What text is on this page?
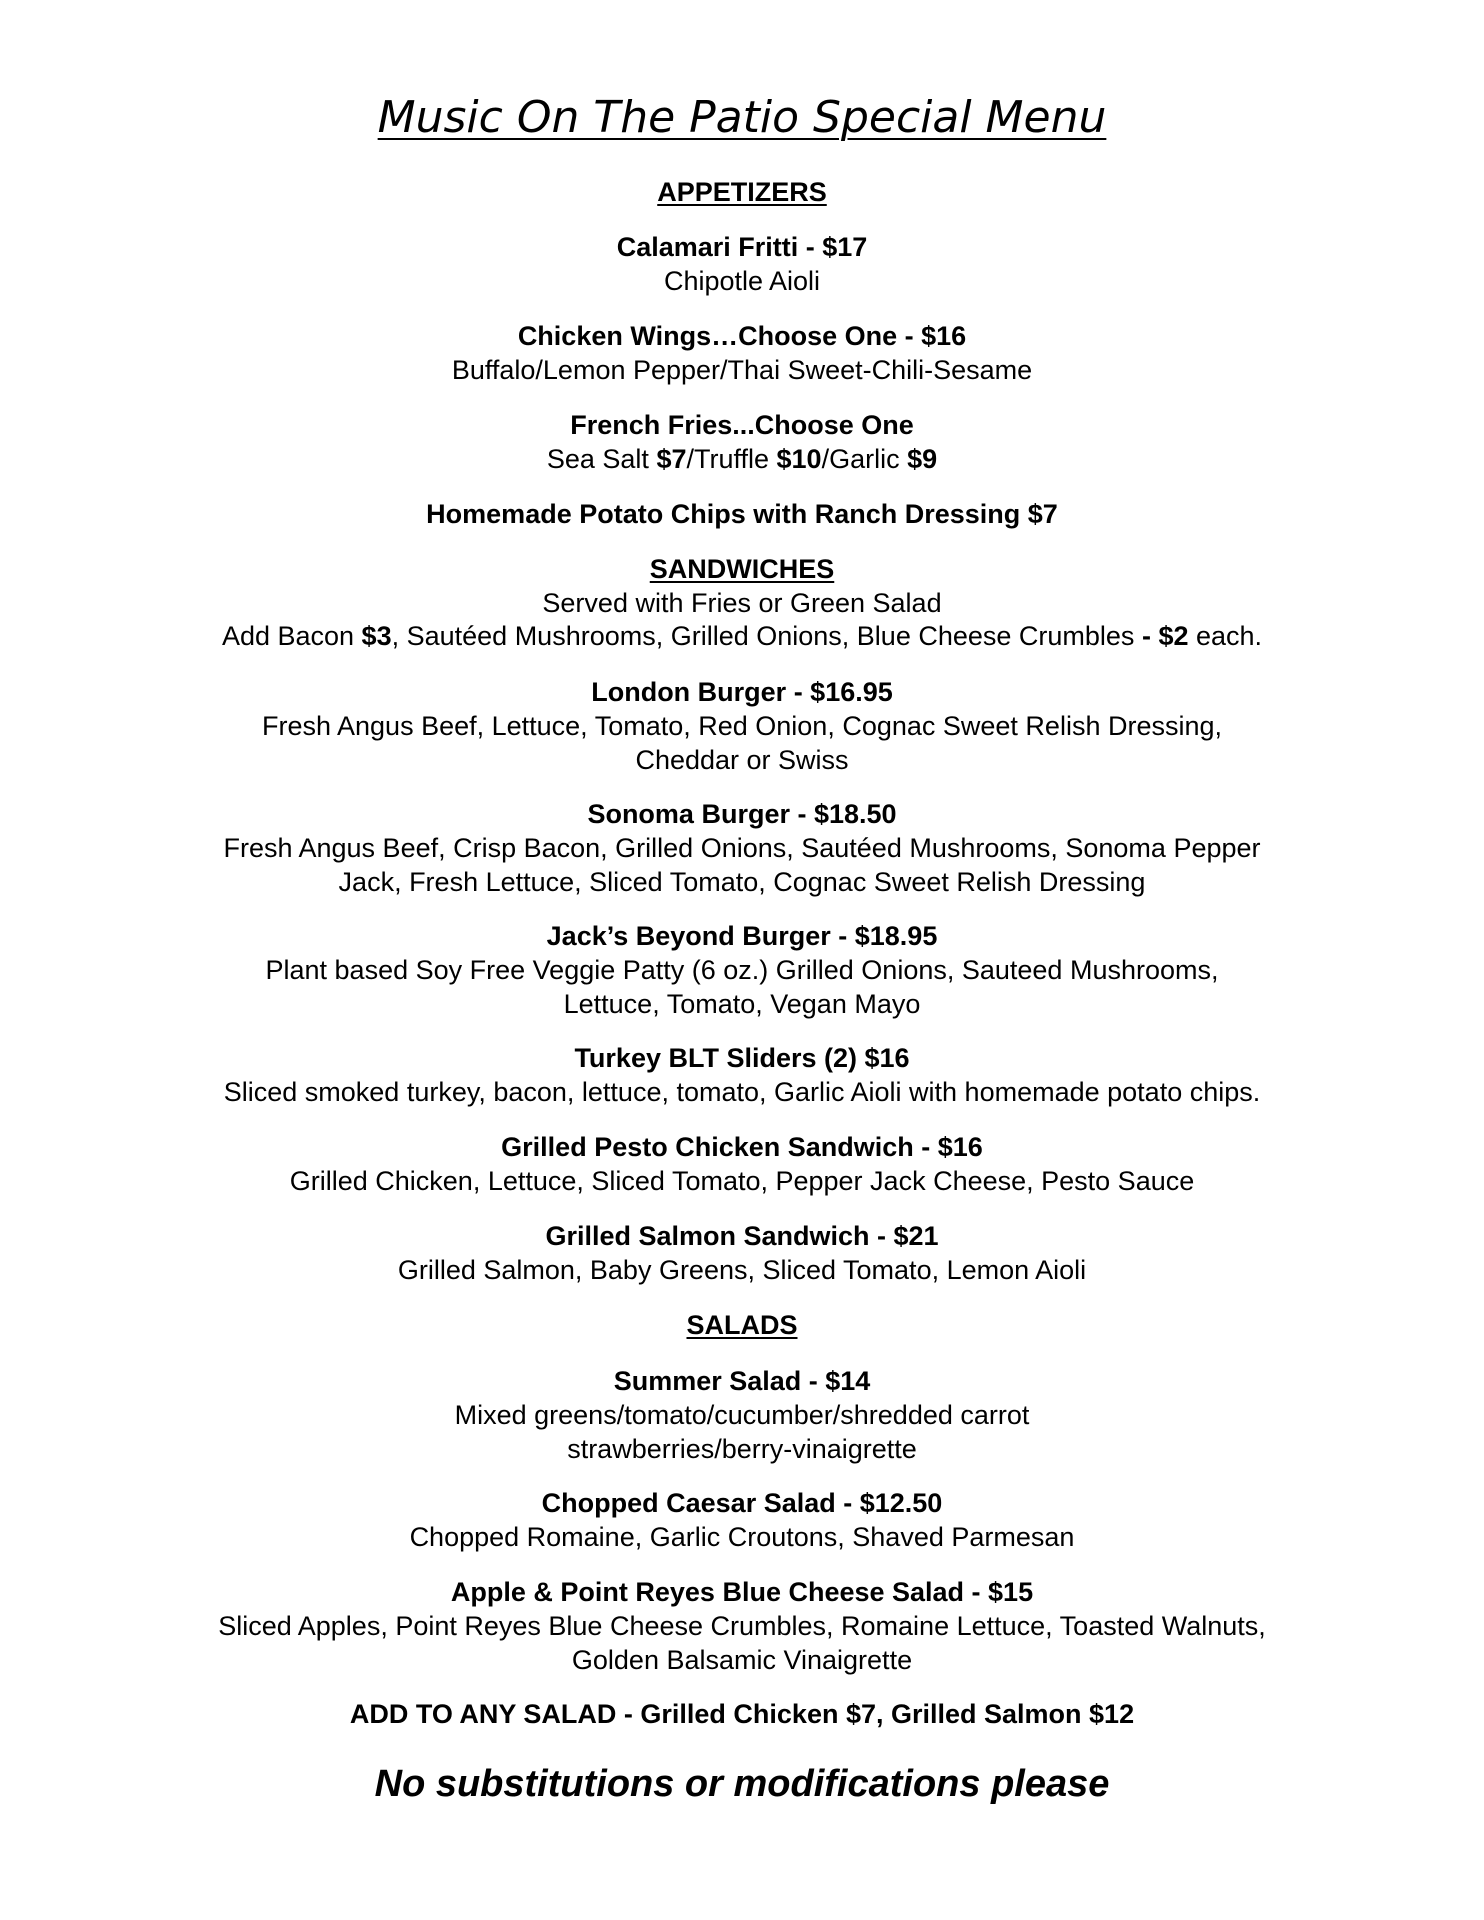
Music On The Patio Special Menu
APPETIZERS
Calamari Fritti - $17
Chipotle Aioli
Chicken Wings…Choose One - $16
Buffalo/Lemon Pepper/Thai Sweet-Chili-Sesame
French Fries...Choose One
Sea Salt $7/Truffle $10/Garlic $9
Homemade Potato Chips with Ranch Dressing $7
SANDWICHES
Served with Fries or Green Salad
Add Bacon $3, Sautéed Mushrooms, Grilled Onions, Blue Cheese Crumbles - $2 each.
London Burger - $16.95
Fresh Angus Beef, Lettuce, Tomato, Red Onion, Cognac Sweet Relish Dressing,
Cheddar or Swiss
Sonoma Burger - $18.50
Fresh Angus Beef, Crisp Bacon, Grilled Onions, Sautéed Mushrooms, Sonoma Pepper
Jack, Fresh Lettuce, Sliced Tomato, Cognac Sweet Relish Dressing
Jack’s Beyond Burger - $18.95
Plant based Soy Free Veggie Patty (6 oz.) Grilled Onions, Sauteed Mushrooms,
Lettuce, Tomato, Vegan Mayo
Turkey BLT Sliders (2) $16
Sliced smoked turkey, bacon, lettuce, tomato, Garlic Aioli with homemade potato chips.
Grilled Pesto Chicken Sandwich - $16
Grilled Chicken, Lettuce, Sliced Tomato, Pepper Jack Cheese, Pesto Sauce
Grilled Salmon Sandwich - $21
Grilled Salmon, Baby Greens, Sliced Tomato, Lemon Aioli
SALADS
Summer Salad - $14
Mixed greens/tomato/cucumber/shredded carrot
strawberries/berry-vinaigrette
Chopped Caesar Salad - $12.50
Chopped Romaine, Garlic Croutons, Shaved Parmesan
Apple & Point Reyes Blue Cheese Salad - $15
Sliced Apples, Point Reyes Blue Cheese Crumbles, Romaine Lettuce, Toasted Walnuts,
Golden Balsamic Vinaigrette
ADD TO ANY SALAD - Grilled Chicken $7, Grilled Salmon $12
No substitutions or modifications please
